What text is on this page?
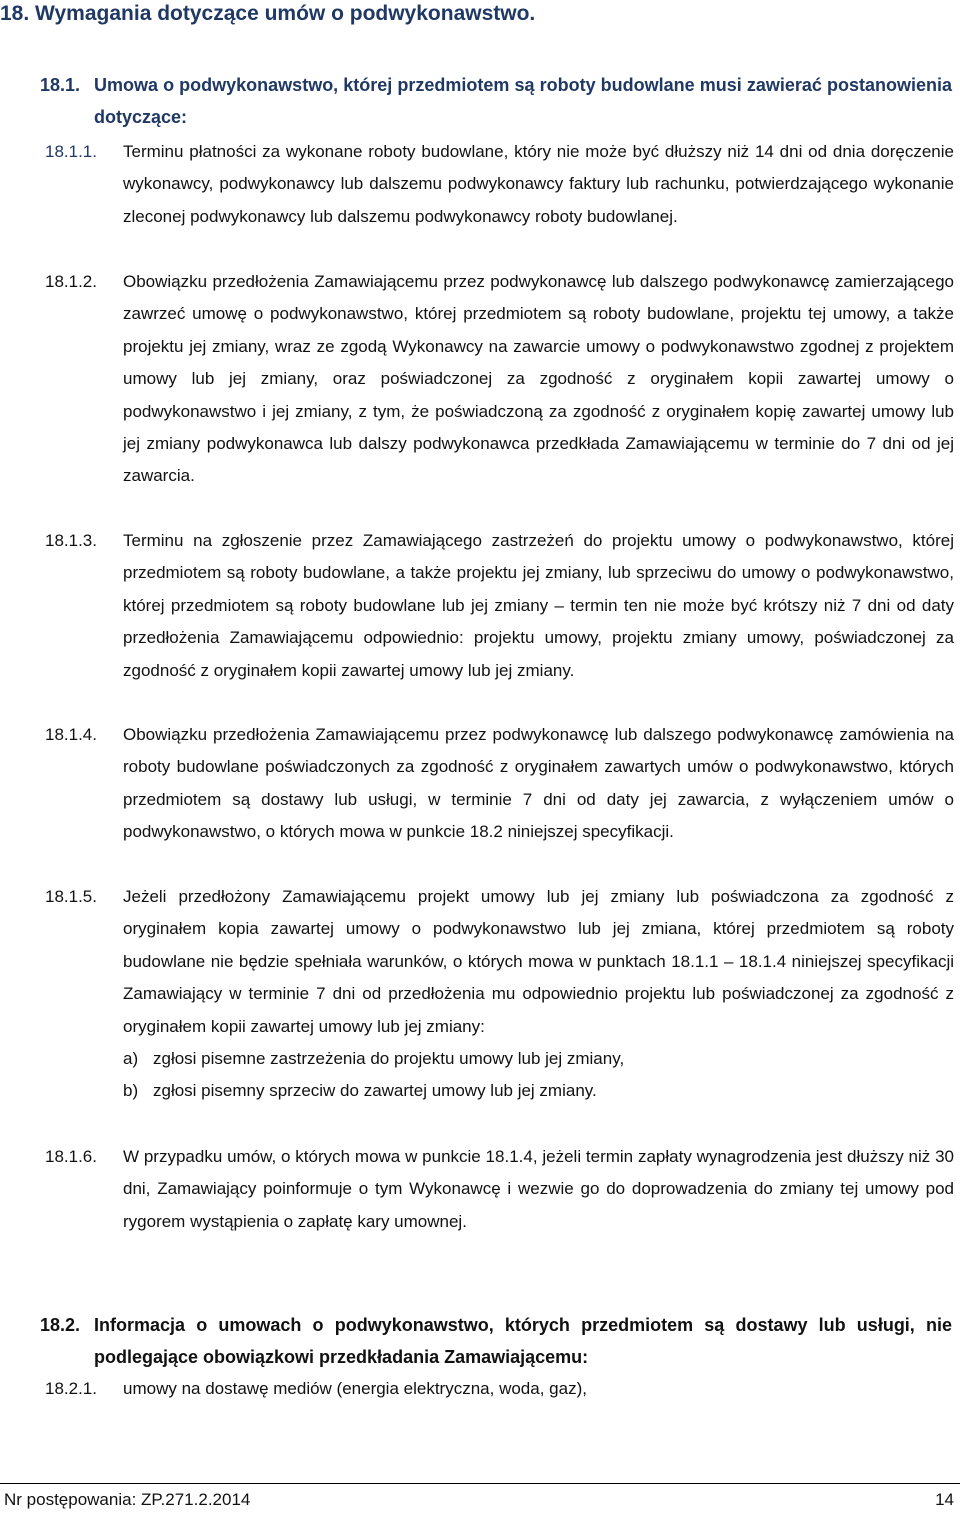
18. Wymagania dotyczące umów o podwykonawstwo.
18.1. Umowa o podwykonawstwo, której przedmiotem są roboty budowlane musi zawierać postanowienia dotyczące:
18.1.1. Terminu płatności za wykonane roboty budowlane, który nie może być dłuższy niż 14 dni od dnia doręczenie wykonawcy, podwykonawcy lub dalszemu podwykonawcy faktury lub rachunku, potwierdzającego wykonanie zleconej podwykonawcy lub dalszemu podwykonawcy roboty budowlanej.
18.1.2. Obowiązku przedłożenia Zamawiającemu przez podwykonawcę lub dalszego podwykonawcę zamierzającego zawrzeć umowę o podwykonawstwo, której przedmiotem są roboty budowlane, projektu tej umowy, a także projektu jej zmiany, wraz ze zgodą Wykonawcy na zawarcie umowy o podwykonawstwo zgodnej z projektem umowy lub jej zmiany, oraz poświadczonej za zgodność z oryginałem kopii zawartej umowy o podwykonawstwo i jej zmiany, z tym, że poświadczoną za zgodność z oryginałem kopię zawartej umowy lub jej zmiany podwykonawca lub dalszy podwykonawca przedkłada Zamawiającemu w terminie do 7 dni od jej zawarcia.
18.1.3. Terminu na zgłoszenie przez Zamawiającego zastrzeżeń do projektu umowy o podwykonawstwo, której przedmiotem są roboty budowlane, a także projektu jej zmiany, lub sprzeciwu do umowy o podwykonawstwo, której przedmiotem są roboty budowlane lub jej zmiany – termin ten nie może być krótszy niż 7 dni od daty przedłożenia Zamawiającemu odpowiednio: projektu umowy, projektu zmiany umowy, poświadczonej za zgodność z oryginałem kopii zawartej umowy lub jej zmiany.
18.1.4. Obowiązku przedłożenia Zamawiającemu przez podwykonawcę lub dalszego podwykonawcę zamówienia na roboty budowlane poświadczonych za zgodność z oryginałem zawartych umów o podwykonawstwo, których przedmiotem są dostawy lub usługi, w terminie 7 dni od daty jej zawarcia, z wyłączeniem umów o podwykonawstwo, o których mowa w punkcie 18.2 niniejszej specyfikacji.
18.1.5. Jeżeli przedłożony Zamawiającemu projekt umowy lub jej zmiany lub poświadczona za zgodność z oryginałem kopia zawartej umowy o podwykonawstwo lub jej zmiana, której przedmiotem są roboty budowlane nie będzie spełniała warunków, o których mowa w punktach 18.1.1 – 18.1.4 niniejszej specyfikacji Zamawiający w terminie 7 dni od przedłożenia mu odpowiednio projektu lub poświadczonej za zgodność z oryginałem kopii zawartej umowy lub jej zmiany:
a) zgłosi pisemne zastrzeżenia do projektu umowy lub jej zmiany,
b) zgłosi pisemny sprzeciw do zawartej umowy lub jej zmiany.
18.1.6. W przypadku umów, o których mowa w punkcie 18.1.4, jeżeli termin zapłaty wynagrodzenia jest dłuższy niż 30 dni, Zamawiający poinformuje o tym Wykonawcę i wezwie go do doprowadzenia do zmiany tej umowy pod rygorem wystąpienia o zapłatę kary umownej.
18.2. Informacja o umowach o podwykonawstwo, których przedmiotem są dostawy lub usługi, nie podlegające obowiązkowi przedkładania Zamawiającemu:
18.2.1. umowy na dostawę mediów (energia elektryczna, woda, gaz),
Nr postępowania: ZP.271.2.2014	14
